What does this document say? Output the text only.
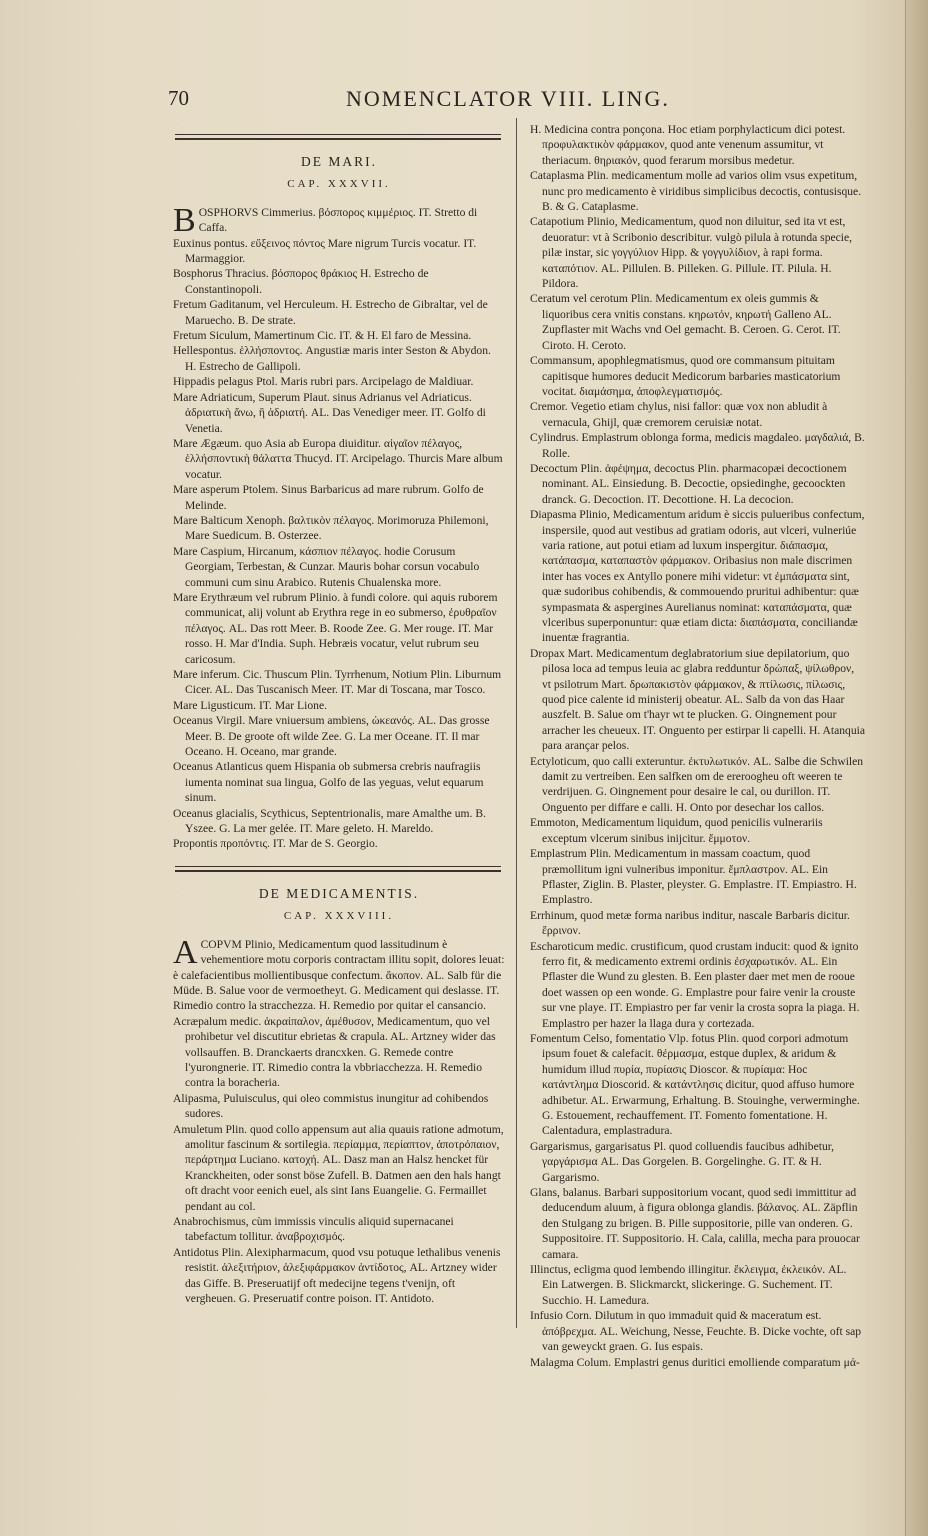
70	NOMENCLATOR VIII. LING.
DE MARI.
CAP. XXXVII.

BOSPHORVS Cimmerius. βόσπορος κιμμέριος. IT. Stretto di Caffa.

Euxinus pontus. εὔξεινος πόντος Mare nigrum Turcis vocatur. IT. Marmaggior.

Bosphorus Thracius. βόσπορος θράκιος H. Estrecho de Constantinopoli.

Fretum Gaditanum, vel Herculeum. H. Estrecho de Gibraltar, vel de Maruecho. B. De strate.

Fretum Siculum, Mamertinum Cic. IT. & H. El faro de Messina.

Hellespontus. ἑλλήσποντος. Angustiæ maris inter Seston & Abydon. H. Estrecho de Gallipoli.

Hippadis pelagus Ptol. Maris rubri pars. Arcipelago de Maldiuar.

Mare Adriaticum, Superum Plaut. sinus Adrianus vel Adriaticus. ἀδριατικὴ ἄνω, ἢ ἀδριατή. AL. Das Venediger meer. IT. Golfo di Venetia.

Mare Ægæum. quo Asia ab Europa diuiditur. αἰγαῖον πέλαγος, ἑλλήσποντικὴ θάλαττα Thucyd. IT. Arcipelago. Thurcis Mare album vocatur.

Mare asperum Ptolem. Sinus Barbaricus ad mare rubrum. Golfo de Melinde.

Mare Balticum Xenoph. βαλτικὸν πέλαγος. Morimoruza Philemoni, Mare Suedicum. B. Osterzee.

Mare Caspium, Hircanum, κάσπιον πέλαγος. hodie Corusum Georgiam, Terbestan, & Cunzar. Mauris bohar corsun vocabulo communi cum sinu Arabico. Rutenis Chualenska more.

Mare Erythræum vel rubrum Plinio. à fundi colore. qui aquis ruborem communicat, alij volunt ab Erythra rege in eo submerso, ἐρυθραῖον πέλαγος. AL. Das rott Meer. B. Roode Zee. G. Mer rouge. IT. Mar rosso. H. Mar d'India. Suph. Hebræis vocatur, velut rubrum seu caricosum.

Mare inferum. Cic. Thuscum Plin. Tyrrhenum, Notium Plin. Liburnum Cicer. AL. Das Tuscanisch Meer. IT. Mar di Toscana, mar Tosco.

Mare Ligusticum. IT. Mar Lione.

Oceanus Virgil. Mare vniuersum ambiens, ὠκεανός. AL. Das grosse Meer. B. De groote oft wilde Zee. G. La mer Oceane. IT. Il mar Oceano. H. Oceano, mar grande.

Oceanus Atlanticus quem Hispania ob submersa crebris naufragiis iumenta nominat sua lingua, Golfo de las yeguas, velut equarum sinum.

Oceanus glacialis, Scythicus, Septentrionalis, mare Amalthe um. B. Yszee. G. La mer gelée. IT. Mare geleto. H. Mareldo.

Propontis προπόντις. IT. Mar de S. Georgio.

DE MEDICAMENTIS.
CAP. XXXVIII.

ACOPVM Plinio, Medicamentum quod lassitudinum è vehementiore motu corporis contractam illitu sopit, dolores leuat: è calefacientibus mollientibusque confectum. ἄκοπον. AL. Salb für die Müde. B. Salue voor de vermoetheyt. G. Medicament qui deslasse. IT. Rimedio contro la stracchezza. H. Remedio por quitar el cansancio.

Acræpalum medic. ἀκραίπαλον, ἀμέθυσον, Medicamentum, quo vel prohibetur vel discutitur ebrietas & crapula. AL. Artzney wider das vollsauffen. B. Dranckaerts drancxken. G. Remede contre l'yurongnerie. IT. Rimedio contra la vbbriacchezza. H. Remedio contra la boracheria.

Alipasma, Puluisculus, qui oleo commistus inungitur ad cohibendos sudores.

Amuletum Plin. quod collo appensum aut alia quauis ratione admotum, amolitur fascinum & sortilegia. περίαμμα, περίαπτον, ἀποτρόπαιον, περάρτημα Luciano. κατοχή. AL. Dasz man an Halsz hencket für Kranckheiten, oder sonst böse Zufell. B. Datmen aen den hals hangt oft dracht voor eenich euel, als sint Ians Euangelie. G. Fermaillet pendant au col.

Anabrochismus, cùm immissis vinculis aliquid supernacanei tabefactum tollitur. ἀναβροχισμός.

Antidotus Plin. Alexipharmacum, quod vsu potuque lethalibus venenis resistit. ἀλεξιτήριον, ἀλεξιφάρμακον ἀντίδοτος, AL. Artzney wider das Giffe. B. Preseruatijf oft medecijne tegens t'venijn, oft vergheuen. G. Preseruatif contre poison. IT. Antidoto.

H. Medicina contra ponçona. Hoc etiam porphylacticum dici potest. προφυλακτικὸν φάρμακον, quod ante venenum assumitur, vt theriacum. θηριακόν, quod ferarum morsibus medetur.

Cataplasma Plin. medicamentum molle ad varios olim vsus expetitum, nunc pro medicamento è viridibus simplicibus decoctis, contusisque. B. & G. Cataplasme.

Catapotium Plinio, Medicamentum, quod non diluitur, sed ita vt est, deuoratur: vt à Scribonio describitur. vulgò pilula à rotunda specie, pilæ instar, sic γογγύλιον Hipp. & γογγυλίδιον, à rapi forma. καταπότιον. AL. Pillulen. B. Pilleken. G. Pillule. IT. Pilula. H. Pildora.

Ceratum vel cerotum Plin. Medicamentum ex oleis gummis & liquoribus cera vnitis constans. κηρωτόν, κηρωτή Galleno AL. Zupflaster mit Wachs vnd Oel gemacht. B. Ceroen. G. Cerot. IT. Ciroto. H. Ceroto.

Commansum, apophlegmatismus, quod ore commansum pituitam capitisque humores deducit Medicorum barbaries masticatorium vocitat. διαμάσημα, ἀποφλεγματισμός.

Cremor. Vegetio etiam chylus, nisi fallor: quæ vox non abludit à vernacula, Ghijl, quæ cremorem ceruisiæ notat.

Cylindrus. Emplastrum oblonga forma, medicis magdaleo. μαγδαλιά, B. Rolle.

Decoctum Plin. ἀφέψημα, decoctus Plin. pharmacopæi decoctionem nominant. AL. Einsiedung. B. Decoctie, opsiedinghe, gecoockten dranck. G. Decoction. IT. Decottione. H. La decocion.

Diapasma Plinio, Medicamentum aridum è siccis pulueribus confectum, inspersile, quod aut vestibus ad gratiam odoris, aut vlceri, vulneriúe varia ratione, aut potui etiam ad luxum inspergitur. διάπασμα, κατάπασμα, καταπαστὸν φάρμακον. Oribasius non male discrimen inter has voces ex Antyllo ponere mihi videtur: vt ἐμπάσματα sint, quæ sudoribus cohibendis, & commouendo pruritui adhibentur: quæ sympasmata & aspergines Aurelianus nominat: καταπάσματα, quæ vlceribus superponuntur: quæ etiam dicta: διαπάσματα, conciliandæ inuentæ fragrantia.

Dropax Mart. Medicamentum deglabratorium siue depilatorium, quo pilosa loca ad tempus leuia ac glabra redduntur δρώπαξ, ψίλωθρον, vt psilotrum Mart. δρωπακιστὸν φάρμακον, & πτίλωσις, πίλωσις, quod pice calente id ministerij obeatur. AL. Salb da von das Haar auszfelt. B. Salue om t'hayr wt te plucken. G. Oingnement pour arracher les cheueux. IT. Onguento per estirpar li capelli. H. Atanquia para arançar pelos.

Ectyloticum, quo calli exteruntur. ἐκτυλωτικόν. AL. Salbe die Schwilen damit zu vertreiben. Een salfken om de ereroogheu oft weeren te verdrijuen. G. Oingnement pour desaire le cal, ou durillon. IT. Onguento per diffare e calli. H. Onto por desechar los callos.

Emmoton, Medicamentum liquidum, quod penicilis vulnerariis exceptum vlcerum sinibus inijcitur. ἔμμοτον.

Emplastrum Plin. Medicamentum in massam coactum, quod præmollitum igni vulneribus imponitur. ἔμπλαστρον. AL. Ein Pflaster, Ziglin. B. Plaster, pleyster. G. Emplastre. IT. Empiastro. H. Emplastro.

Errhinum, quod metæ forma naribus inditur, nascale Barbaris dicitur. ἔρρινον.

Escharoticum medic. crustificum, quod crustam inducit: quod & ignito ferro fit, & medicamento extremi ordinis ἐσχαρωτικόν. AL. Ein Pflaster die Wund zu glesten. B. Een plaster daer met men de rooue doet wassen op een wonde. G. Emplastre pour faire venir la crouste sur vne playe. IT. Empiastro per far venir la crosta sopra la piaga. H. Emplastro per hazer la llaga dura y cortezada.

Fomentum Celso, fomentatio Vlp. fotus Plin. quod corpori admotum ipsum fouet & calefacit. θέρμασμα, estque duplex, & aridum & humidum illud πυρία, πυρίασις Dioscor. & πυρίαμα: Hoc κατάντλημα Dioscorid. & κατάντλησις dicitur, quod affuso humore adhibetur. AL. Erwarmung, Erhaltung. B. Stouinghe, verwerminghe. G. Estouement, rechauffement. IT. Fomento fomentatione. H. Calentadura, emplastradura.

Gargarismus, gargarisatus Pl. quod colluendis faucibus adhibetur, γαργάρισμα AL. Das Gorgelen. B. Gorgelinghe. G. IT. & H. Gargarismo.

Glans, balanus. Barbari suppositorium vocant, quod sedi immittitur ad deducendum aluum, à figura oblonga glandis. βάλανος. AL. Zäpflin den Stulgang zu brigen. B. Pille suppositorie, pille van onderen. G. Suppositoire. IT. Suppositorio. H. Cala, calilla, mecha para prouocar camara.

Illinctus, ecligma quod lembendo illingitur. ἔκλειγμα, ἐκλεικόν. AL. Ein Latwergen. B. Slickmarckt, slickeringe. G. Suchement. IT. Succhio. H. Lamedura.

Infusio Corn. Dilutum in quo immaduit quid & maceratum est. ἀπόβρεχμα. AL. Weichung, Nesse, Feuchte. B. Dicke vochte, oft sap van geweyckt graen. G. Ius espais.

Malagma Colum. Emplastri genus duritici emolliende comparatum μά-
